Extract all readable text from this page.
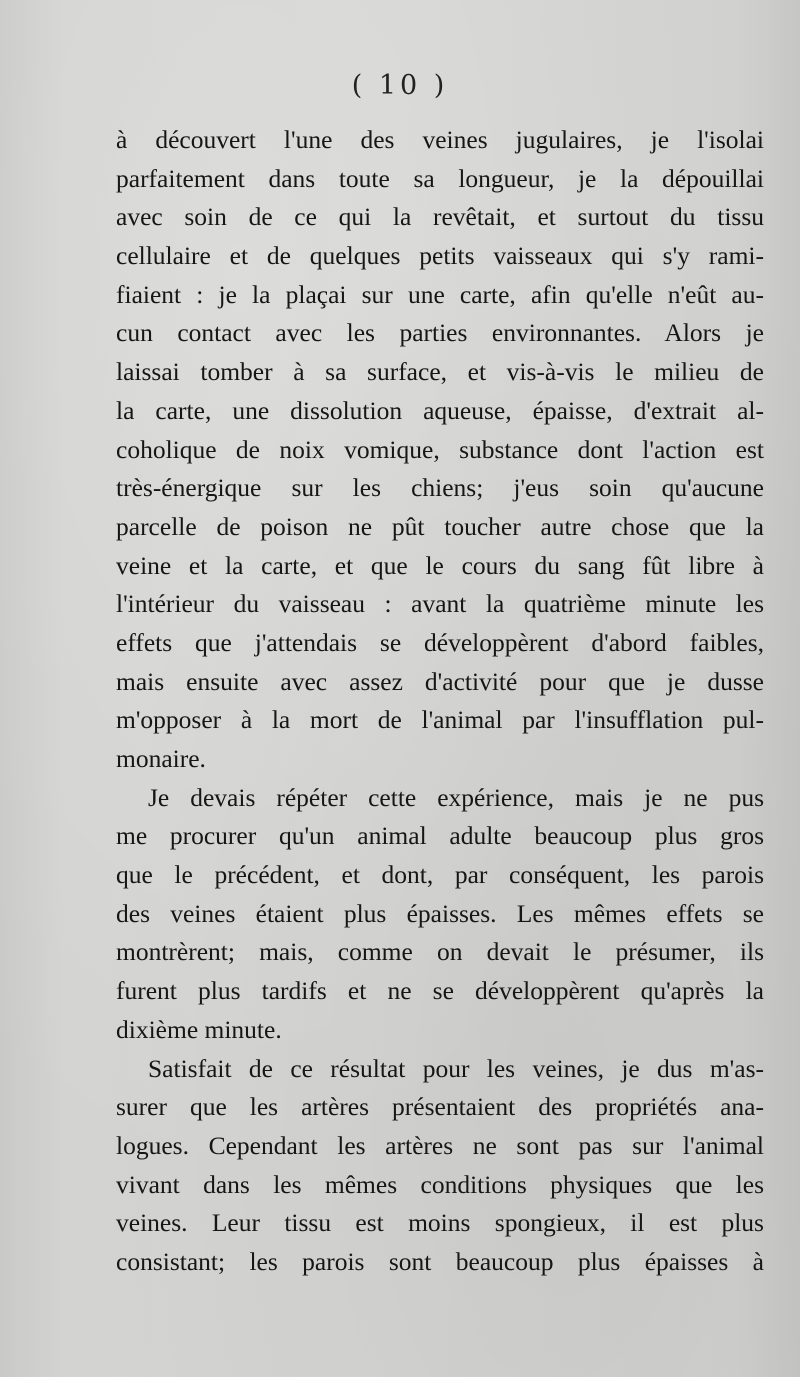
( 10 )
à découvert l'une des veines jugulaires, je l'isolai
parfaitement dans toute sa longueur, je la dépouillai
avec soin de ce qui la revêtait, et surtout du tissu
cellulaire et de quelques petits vaisseaux qui s'y rami-
fiaient : je la plaçai sur une carte, afin qu'elle n'eût au-
cun contact avec les parties environnantes. Alors je
laissai tomber à sa surface, et vis-à-vis le milieu de
la carte, une dissolution aqueuse, épaisse, d'extrait al-
coholique de noix vomique, substance dont l'action est
très-énergique sur les chiens; j'eus soin qu'aucune
parcelle de poison ne pût toucher autre chose que la
veine et la carte, et que le cours du sang fût libre à
l'intérieur du vaisseau : avant la quatrième minute les
effets que j'attendais se développèrent d'abord faibles,
mais ensuite avec assez d'activité pour que je dusse
m'opposer à la mort de l'animal par l'insufflation pul-
monaire.
Je devais répéter cette expérience, mais je ne pus
me procurer qu'un animal adulte beaucoup plus gros
que le précédent, et dont, par conséquent, les parois
des veines étaient plus épaisses. Les mêmes effets se
montrèrent; mais, comme on devait le présumer, ils
furent plus tardifs et ne se développèrent qu'après la
dixième minute.
Satisfait de ce résultat pour les veines, je dus m'as-
surer que les artères présentaient des propriétés ana-
logues. Cependant les artères ne sont pas sur l'animal
vivant dans les mêmes conditions physiques que les
veines. Leur tissu est moins spongieux, il est plus
consistant; les parois sont beaucoup plus épaisses à
